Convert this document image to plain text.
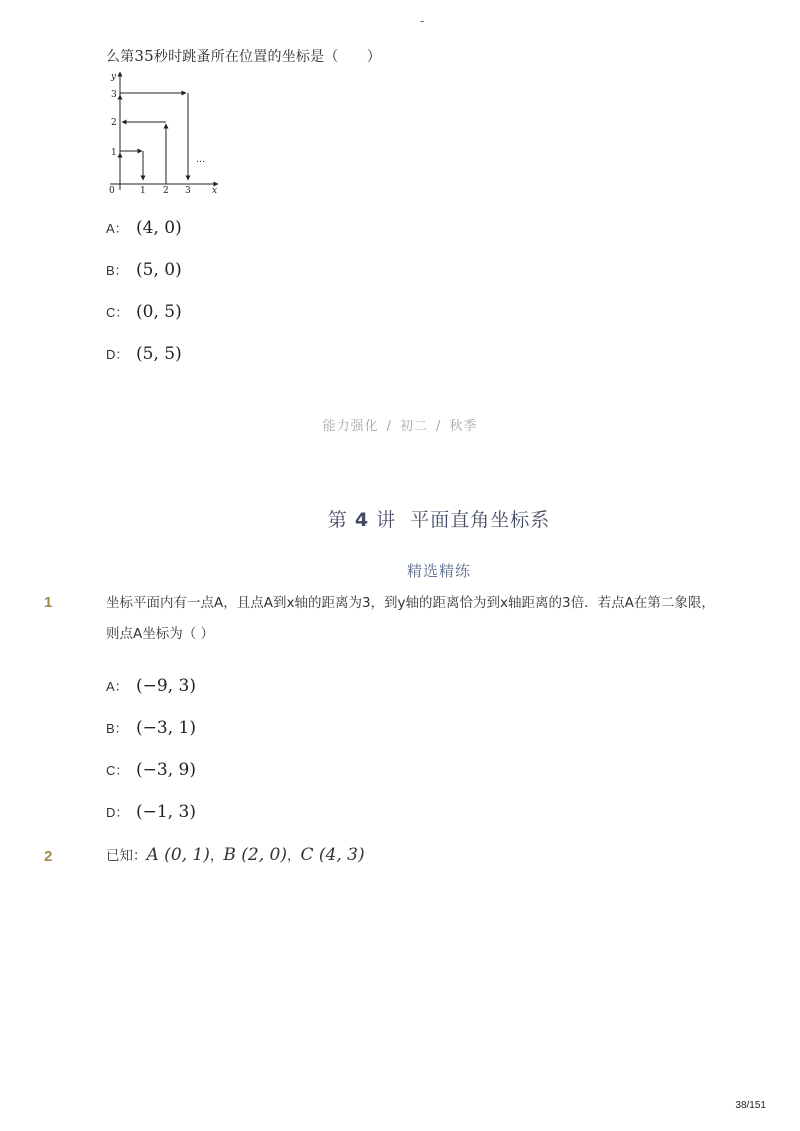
-
么第35秒时跳蚤所在位置的坐标是（　　）
y
x
0	1 2 3
1
2
3
…
A： (4, 0)
B： (5, 0)
C： (0, 5)
D： (5, 5)
能力强化 / 初二 / 秋季
第 4 讲 平面直角坐标系
精选精练
1	坐标平面内有一点A，且点A到x轴的距离为3，到y轴的距离恰为到x轴距离的3倍．若点A在第二象限，则点A坐标为（ ）
A： (−9, 3)
B： (−3, 1)
C： (−3, 9)
D： (−1, 3)
2	已知：A (0, 1)，B (2, 0)，C (4, 3)
38/151
